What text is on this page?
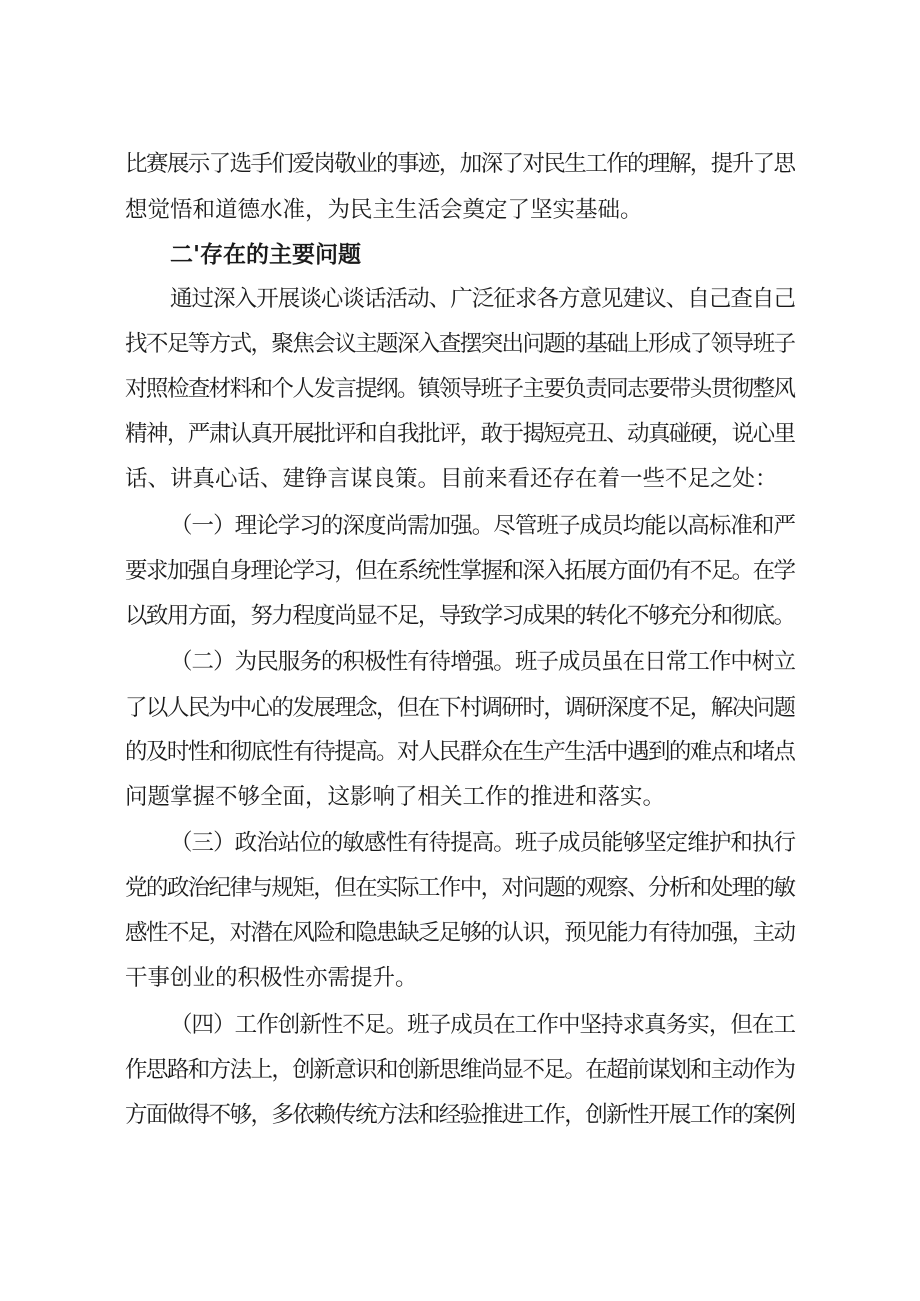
比赛展示了选手们爱岗敬业的事迹，加深了对民生工作的理解，提升了思
想觉悟和道德水准，为民主生活会奠定了坚实基础。
二'存在的主要问题
通过深入开展谈心谈话活动、广泛征求各方意见建议、自己查自己
找不足等方式，聚焦会议主题深入查摆突出问题的基础上形成了领导班子
对照检查材料和个人发言提纲。镇领导班子主要负责同志要带头贯彻整风
精神，严肃认真开展批评和自我批评，敢于揭短亮丑、动真碰硬，说心里
话、讲真心话、建铮言谋良策。目前来看还存在着一些不足之处：
（一）理论学习的深度尚需加强。尽管班子成员均能以高标准和严
要求加强自身理论学习，但在系统性掌握和深入拓展方面仍有不足。在学
以致用方面，努力程度尚显不足，导致学习成果的转化不够充分和彻底。
（二）为民服务的积极性有待增强。班子成员虽在日常工作中树立
了以人民为中心的发展理念，但在下村调研时，调研深度不足，解决问题
的及时性和彻底性有待提高。对人民群众在生产生活中遇到的难点和堵点
问题掌握不够全面，这影响了相关工作的推进和落实。
（三）政治站位的敏感性有待提高。班子成员能够坚定维护和执行
党的政治纪律与规矩，但在实际工作中，对问题的观察、分析和处理的敏
感性不足，对潜在风险和隐患缺乏足够的认识，预见能力有待加强，主动
干事创业的积极性亦需提升。
（四）工作创新性不足。班子成员在工作中坚持求真务实，但在工
作思路和方法上，创新意识和创新思维尚显不足。在超前谋划和主动作为
方面做得不够，多依赖传统方法和经验推进工作，创新性开展工作的案例
